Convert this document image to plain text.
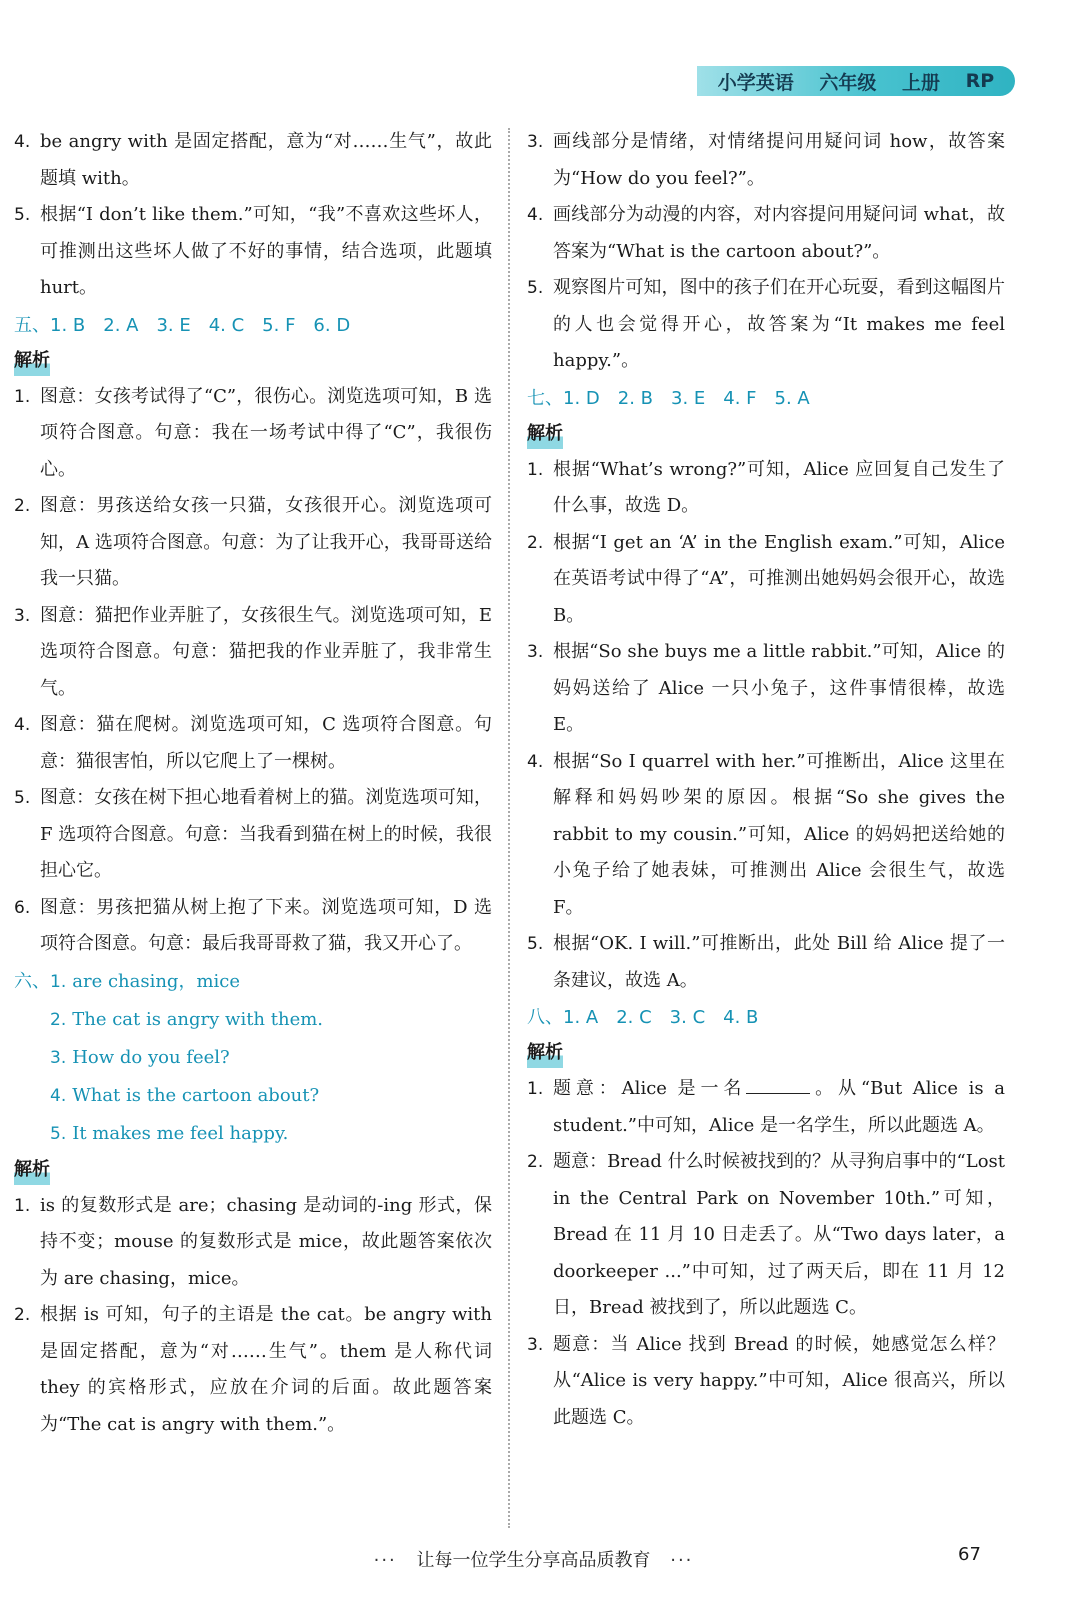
小学英语 六年级 上册 RP
4. be angry with 是固定搭配，意为“对……生气”，故此题填 with。
5. 根据“I don’t like them.”可知，“我”不喜欢这些坏人，可推测出这些坏人做了不好的事情，结合选项，此题填 hurt。
五、1. B　2. A　3. E　4. C　5. F　6. D
解析
1. 图意：女孩考试得了“C”，很伤心。浏览选项可知，B 选项符合图意。句意：我在一场考试中得了“C”，我很伤心。
2. 图意：男孩送给女孩一只猫，女孩很开心。浏览选项可知，A 选项符合图意。句意：为了让我开心，我哥哥送给我一只猫。
3. 图意：猫把作业弄脏了，女孩很生气。浏览选项可知，E 选项符合图意。句意：猫把我的作业弄脏了，我非常生气。
4. 图意：猫在爬树。浏览选项可知，C 选项符合图意。句意：猫很害怕，所以它爬上了一棵树。
5. 图意：女孩在树下担心地看着树上的猫。浏览选项可知，F 选项符合图意。句意：当我看到猫在树上的时候，我很担心它。
6. 图意：男孩把猫从树上抱了下来。浏览选项可知，D 选项符合图意。句意：最后我哥哥救了猫，我又开心了。
六、 1. are chasing，mice
2. The cat is angry with them.
3. How do you feel?
4. What is the cartoon about?
5. It makes me feel happy.
解析
1. is 的复数形式是 are；chasing 是动词的-ing 形式，保持不变；mouse 的复数形式是 mice，故此题答案依次为 are chasing，mice。
2. 根据 is 可知，句子的主语是 the cat。be angry with 是固定搭配，意为“对……生气”。them 是人称代词 they 的宾格形式，应放在介词的后面。故此题答案为“The cat is angry with them.”。
3. 画线部分是情绪，对情绪提问用疑问词 how，故答案为“How do you feel?”。
4. 画线部分为动漫的内容，对内容提问用疑问词 what，故答案为“What is the cartoon about?”。
5. 观察图片可知，图中的孩子们在开心玩耍，看到这幅图片的人也会觉得开心，故答案为“It makes me feel happy.”。
七、1. D　2. B　3. E　4. F　5. A
解析
1. 根据“What’s wrong?”可知，Alice 应回复自己发生了什么事，故选 D。
2. 根据“I get an ‘A’ in the English exam.”可知，Alice 在英语考试中得了“A”，可推测出她妈妈会很开心，故选 B。
3. 根据“So she buys me a little rabbit.”可知，Alice 的妈妈送给了 Alice 一只小兔子，这件事情很棒，故选 E。
4. 根据“So I quarrel with her.”可推断出，Alice 这里在解释和妈妈吵架的原因。根据“So she gives the rabbit to my cousin.”可知，Alice 的妈妈把送给她的小兔子给了她表妹，可推测出 Alice 会很生气，故选 F。
5. 根据“OK. I will.”可推断出，此处 Bill 给 Alice 提了一条建议，故选 A。
八、1. A　2. C　3. C　4. B
解析
1. 题意：Alice 是一名	。从“But Alice is a student.”中可知，Alice 是一名学生，所以此题选 A。
2. 题意：Bread 什么时候被找到的？从寻狗启事中的“Lost in the Central Park on November 10th.”可知，Bread 在 11 月 10 日走丢了。从“Two days later，a doorkeeper ...”中可知，过了两天后，即在 11 月 12 日，Bread 被找到了，所以此题选 C。
3. 题意：当 Alice 找到 Bread 的时候，她感觉怎么样？从“Alice is very happy.”中可知，Alice 很高兴，所以此题选 C。
··· 让每一位学生分享高品质教育 ···	67
